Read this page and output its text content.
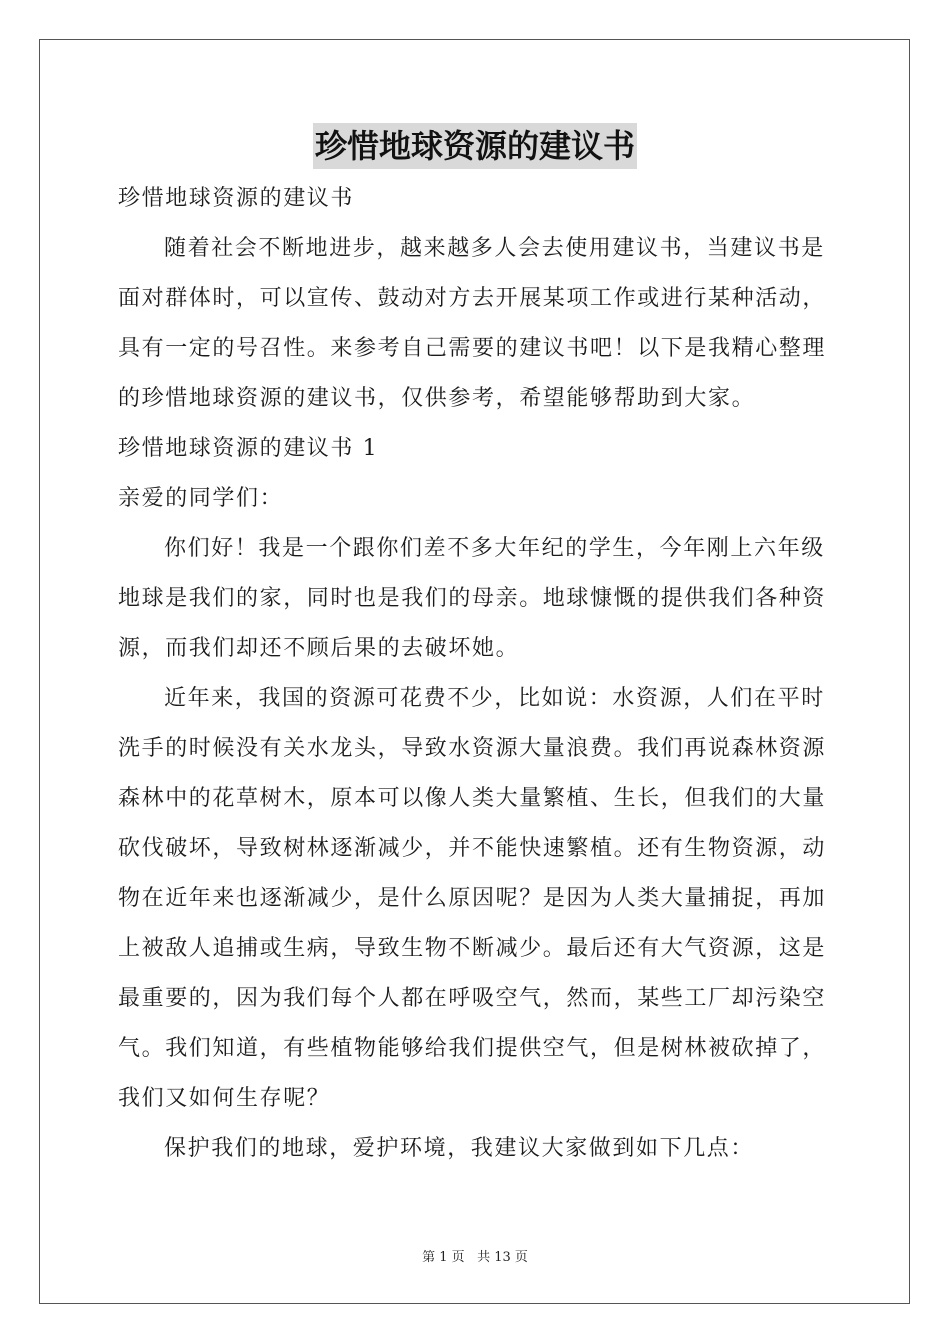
珍惜地球资源的建议书
珍惜地球资源的建议书
随着社会不断地进步，越来越多人会去使用建议书，当建议书是
面对群体时，可以宣传、鼓动对方去开展某项工作或进行某种活动，
具有一定的号召性。来参考自己需要的建议书吧！以下是我精心整理
的珍惜地球资源的建议书，仅供参考，希望能够帮助到大家。
珍惜地球资源的建议书 1
亲爱的同学们：
你们好！我是一个跟你们差不多大年纪的学生，今年刚上六年级
地球是我们的家，同时也是我们的母亲。地球慷慨的提供我们各种资
源，而我们却还不顾后果的去破坏她。
近年来，我国的资源可花费不少，比如说：水资源，人们在平时
洗手的时候没有关水龙头，导致水资源大量浪费。我们再说森林资源
森林中的花草树木，原本可以像人类大量繁植、生长，但我们的大量
砍伐破坏，导致树林逐渐减少，并不能快速繁植。还有生物资源，动
物在近年来也逐渐减少，是什么原因呢？是因为人类大量捕捉，再加
上被敌人追捕或生病，导致生物不断减少。最后还有大气资源，这是
最重要的，因为我们每个人都在呼吸空气，然而，某些工厂却污染空
气。我们知道，有些植物能够给我们提供空气，但是树林被砍掉了，
我们又如何生存呢？
保护我们的地球，爱护环境，我建议大家做到如下几点：
第 1 页 共 13 页
